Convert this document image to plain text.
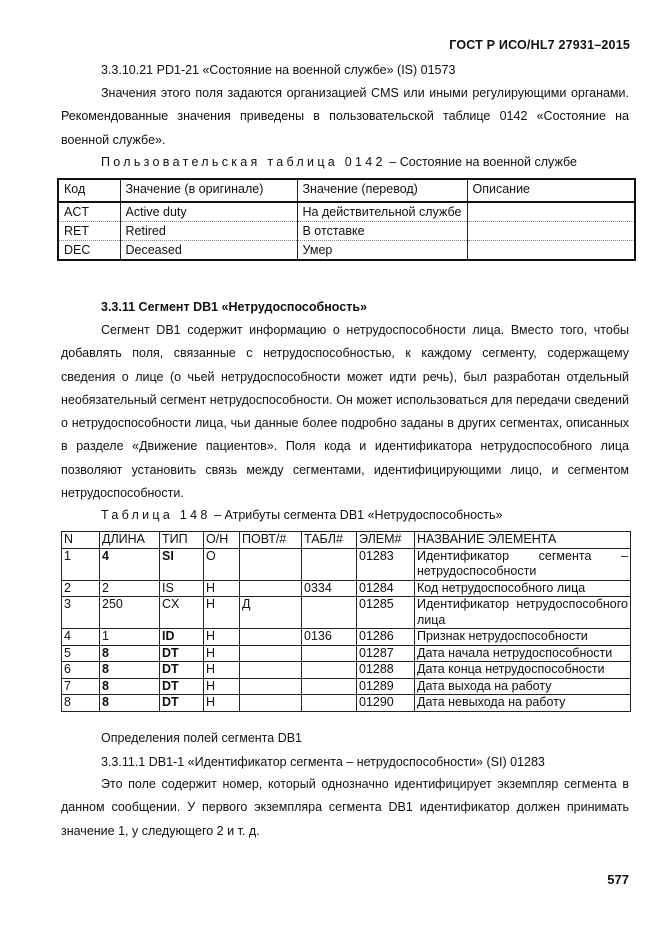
ГОСТ Р ИСО/HL7 27931–2015
3.3.10.21 PD1-21 «Состояние на военной службе» (IS) 01573
Значения этого поля задаются организацией CMS или иными регулирующими органами. Рекомендованные значения приведены в пользовательской таблице 0142 «Состояние на военной службе».
Пользовательская таблица 0142 – Состояние на военной службе
Код	Значение (в оригинале)	Значение (перевод)	Описание
ACT	Active duty	На действительной службе	
RET	Retired	В отставке	
DEC	Deceased	Умер	
3.3.11 Сегмент DB1 «Нетрудоспособность»
Сегмент DB1 содержит информацию о нетрудоспособности лица. Вместо того, чтобы добавлять поля, связанные с нетрудоспособностью, к каждому сегменту, содержащему сведения о лице (о чьей нетрудоспособности может идти речь), был разработан отдельный необязательный сегмент нетрудоспособности. Он может использоваться для передачи сведений о нетрудоспособности лица, чьи данные более подробно заданы в других сегментах, описанных в разделе «Движение пациентов». Поля кода и идентификатора нетрудоспособного лица позволяют установить связь между сегментами, идентифицирующими лицо, и сегментом нетрудоспособности.
Таблица 148 – Атрибуты сегмента DB1 «Нетрудоспособность»
N	ДЛИНА	ТИП	О/Н	ПОВТ/#	ТАБЛ#	ЭЛЕМ#	НАЗВАНИЕ ЭЛЕМЕНТА
1	4	SI	O			01283	Идентификатор сегмента – нетрудоспособности
2	2	IS	Н		0334	01284	Код нетрудоспособного лица
3	250	CX	Н	Д		01285	Идентификатор нетрудоспособного лица
4	1	ID	Н		0136	01286	Признак нетрудоспособности
5	8	DT	Н			01287	Дата начала нетрудоспособности
6	8	DT	Н			01288	Дата конца нетрудоспособности
7	8	DT	Н			01289	Дата выхода на работу
8	8	DT	Н			01290	Дата невыхода на работу
Определения полей сегмента DB1
3.3.11.1 DB1-1 «Идентификатор сегмента – нетрудоспособности» (SI) 01283
Это поле содержит номер, который однозначно идентифицирует экземпляр сегмента в данном сообщении. У первого экземпляра сегмента DB1 идентификатор должен принимать значение 1, у следующего 2 и т. д.
577
